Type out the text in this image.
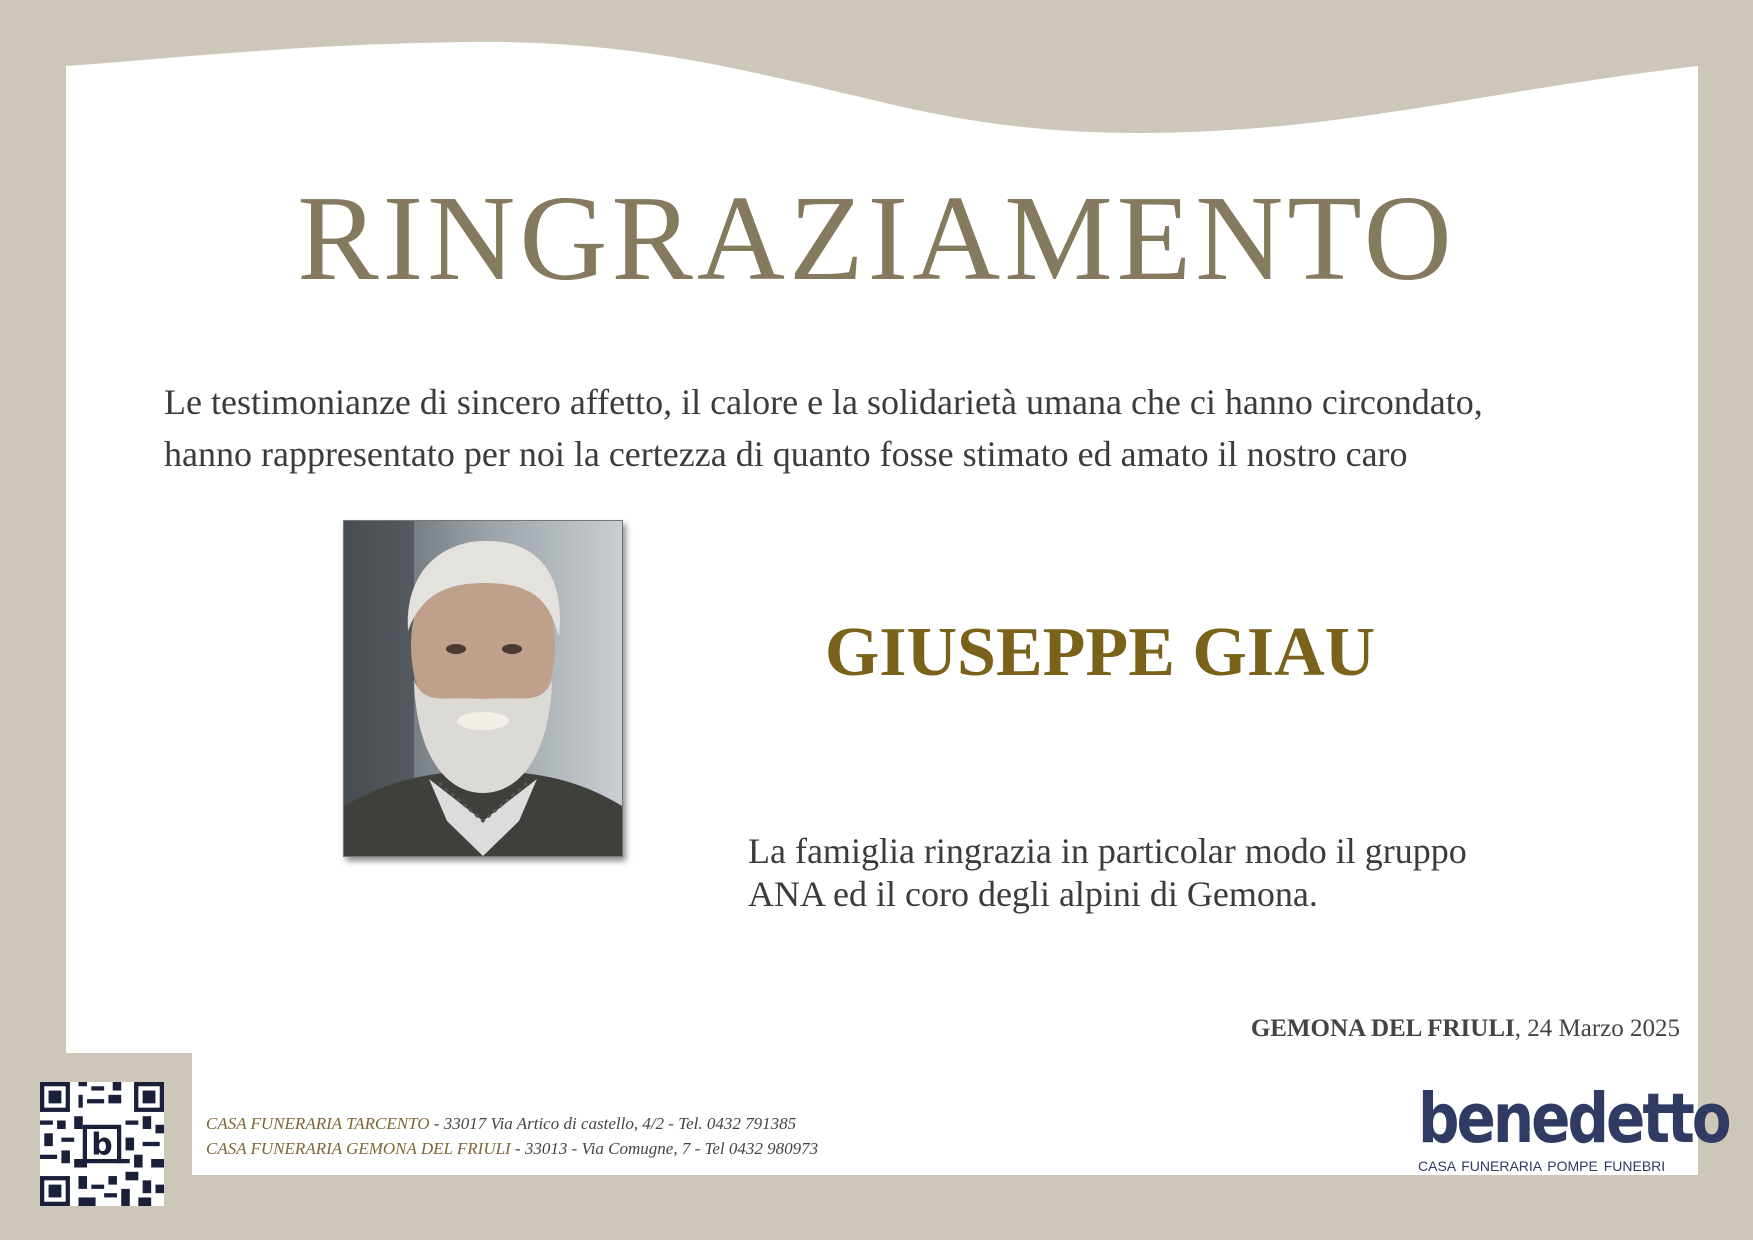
RINGRAZIAMENTO
Le testimonianze di sincero affetto, il calore e la solidarietà umana che ci hanno circondato,
hanno rappresentato per noi la certezza di quanto fosse stimato ed amato il nostro caro
GIUSEPPE GIAU
La famiglia ringrazia in particolar modo il gruppo
ANA ed il coro degli alpini di Gemona.
GEMONA DEL FRIULI, 24 Marzo 2025
b
CASA FUNERARIA TARCENTO - 33017 Via Artico di castello, 4/2 - Tel. 0432 791385
CASA FUNERARIA GEMONA DEL FRIULI - 33013 - Via Comugne, 7 - Tel 0432 980973	benedetto
CASA FUNERARIA POMPE FUNEBRI
